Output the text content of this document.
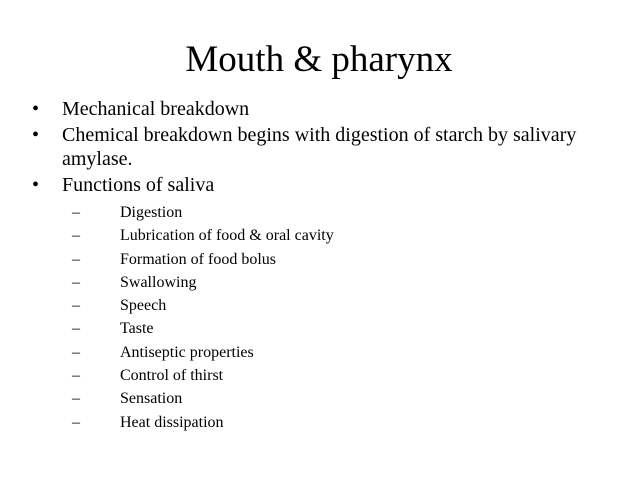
Mouth & pharynx
•	Mechanical breakdown
•	Chemical breakdown begins with digestion of starch by salivary amylase.
•	Functions of saliva
–	Digestion
–	Lubrication of food & oral cavity
–	Formation of food bolus
–	Swallowing
–	Speech
–	Taste
–	Antiseptic properties
–	Control of thirst
–	Sensation
–	Heat dissipation
